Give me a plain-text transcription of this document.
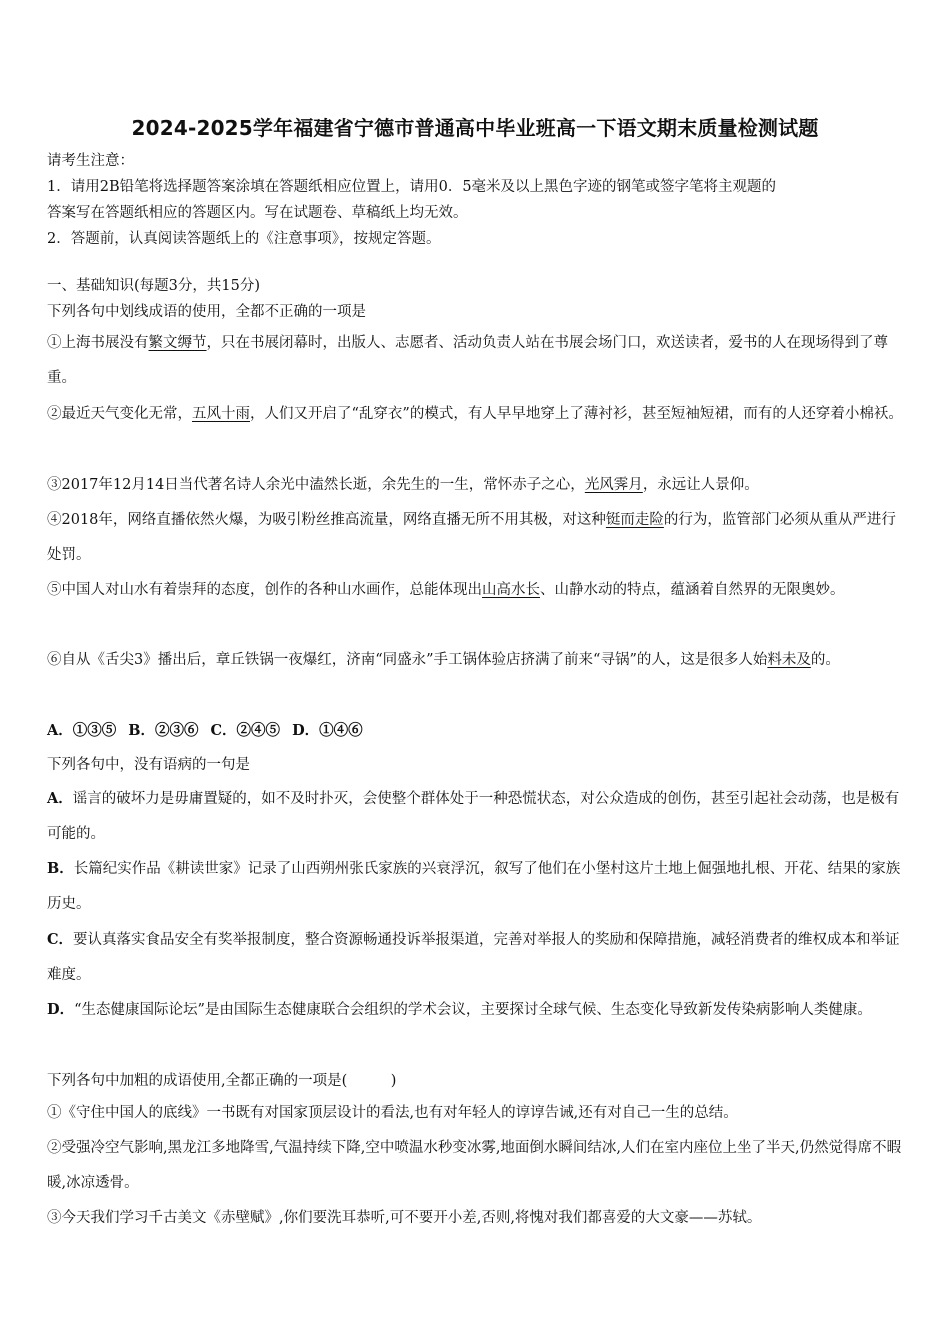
2024-2025学年福建省宁德市普通高中毕业班高一下语文期末质量检测试题
请考生注意：
1．请用2B铅笔将选择题答案涂填在答题纸相应位置上，请用0．5毫米及以上黑色字迹的钢笔或签字笔将主观题的
答案写在答题纸相应的答题区内。写在试题卷、草稿纸上均无效。
2．答题前，认真阅读答题纸上的《注意事项》，按规定答题。
一、基础知识(每题3分，共15分)
下列各句中划线成语的使用，全都不正确的一项是
①上海书展没有繁文缛节，只在书展闭幕时，出版人、志愿者、活动负责人站在书展会场门口，欢送读者，爱书的人在现场得到了尊重。
②最近天气变化无常，五风十雨，人们又开启了“乱穿衣”的模式，有人早早地穿上了薄衬衫，甚至短袖短裙，而有的人还穿着小棉袄。
③2017年12月14日当代著名诗人余光中溘然长逝，余先生的一生，常怀赤子之心，光风霁月，永远让人景仰。
④2018年，网络直播依然火爆，为吸引粉丝推高流量，网络直播无所不用其极，对这种铤而走险的行为，监管部门必须从重从严进行处罚。
⑤中国人对山水有着崇拜的态度，创作的各种山水画作，总能体现出山高水长、山静水动的特点，蕴涵着自然界的无限奥妙。
⑥自从《舌尖3》播出后，章丘铁锅一夜爆红，济南“同盛永”手工锅体验店挤满了前来“寻锅”的人，这是很多人始料未及的。
A．①③⑤ B．②③⑥ C．②④⑤ D．①④⑥
下列各句中，没有语病的一句是
A．谣言的破坏力是毋庸置疑的，如不及时扑灭，会使整个群体处于一种恐慌状态，对公众造成的创伤，甚至引起社会动荡，也是极有可能的。
B．长篇纪实作品《耕读世家》记录了山西朔州张氏家族的兴衰浮沉，叙写了他们在小堡村这片土地上倔强地扎根、开花、结果的家族历史。
C．要认真落实食品安全有奖举报制度，整合资源畅通投诉举报渠道，完善对举报人的奖励和保障措施，减轻消费者的维权成本和举证难度。
D．“生态健康国际论坛”是由国际生态健康联合会组织的学术会议，主要探讨全球气候、生态变化导致新发传染病影响人类健康。
下列各句中加粗的成语使用,全都正确的一项是(　　　)
①《守住中国人的底线》一书既有对国家顶层设计的看法,也有对年轻人的谆谆告诫,还有对自己一生的总结。
②受强冷空气影响,黑龙江多地降雪,气温持续下降,空中喷温水秒变冰雾,地面倒水瞬间结冰,人们在室内座位上坐了半天,仍然觉得席不暇暖,冰凉透骨。
③今天我们学习千古美文《赤壁赋》,你们要洗耳恭听,可不要开小差,否则,将愧对我们都喜爱的大文豪——苏轼。
